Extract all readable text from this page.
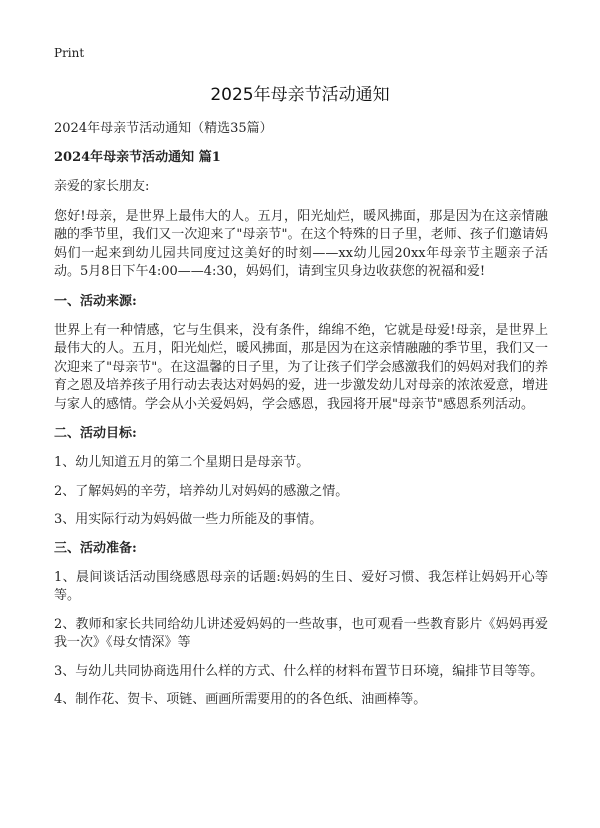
Print
2025年母亲节活动通知

2024年母亲节活动通知（精选35篇）

2024年母亲节活动通知 篇1

亲爱的家长朋友:

您好!母亲，是世界上最伟大的人。五月，阳光灿烂，暖风拂面，那是因为在这亲情融融的季节里，我们又一次迎来了"母亲节"。在这个特殊的日子里，老师、孩子们邀请妈妈们一起来到幼儿园共同度过这美好的时刻——xx幼儿园20xx年母亲节主题亲子活动。5月8日下午4:00——4:30，妈妈们，请到宝贝身边收获您的祝福和爱!

一、活动来源:

世界上有一种情感，它与生俱来，没有条件，绵绵不绝，它就是母爱!母亲，是世界上最伟大的人。五月，阳光灿烂，暖风拂面，那是因为在这亲情融融的季节里，我们又一次迎来了"母亲节"。在这温馨的日子里，为了让孩子们学会感激我们的妈妈对我们的养育之恩及培养孩子用行动去表达对妈妈的爱，进一步激发幼儿对母亲的浓浓爱意，增进与家人的感情。学会从小关爱妈妈，学会感恩，我园将开展"母亲节"感恩系列活动。

二、活动目标:

1、幼儿知道五月的第二个星期日是母亲节。

2、了解妈妈的辛劳，培养幼儿对妈妈的感激之情。

3、用实际行动为妈妈做一些力所能及的事情。

三、活动准备:

1、晨间谈话活动围绕感恩母亲的话题:妈妈的生日、爱好习惯、我怎样让妈妈开心等等。

2、教师和家长共同给幼儿讲述爱妈妈的一些故事，也可观看一些教育影片《妈妈再爱我一次》《母女情深》等

3、与幼儿共同协商选用什么样的方式、什么样的材料布置节日环境，编排节目等等。

4、制作花、贺卡、项链、画画所需要用的的各色纸、油画棒等。
